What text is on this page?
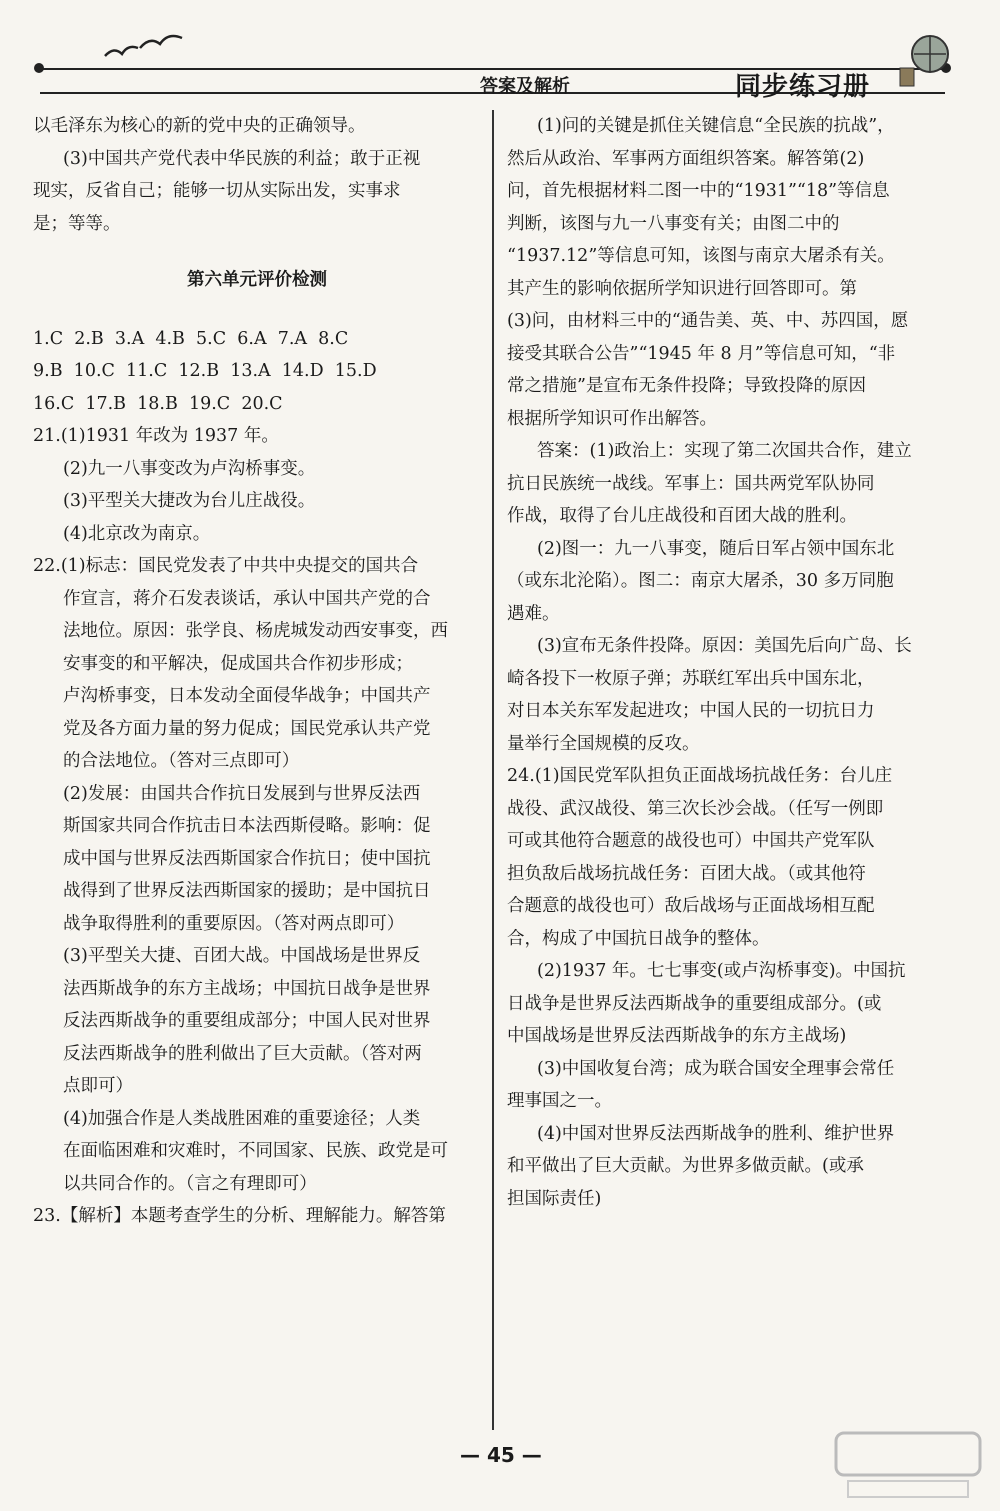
答案及解析	同步练习册
以毛泽东为核心的新的党中央的正确领导。
(3)中国共产党代表中华民族的利益；敢于正视
现实，反省自己；能够一切从实际出发，实事求
是；等等。
第六单元评价检测
1.C  2.B  3.A  4.B  5.C  6.A  7.A  8.C
9.B  10.C  11.C  12.B  13.A  14.D  15.D
16.C  17.B  18.B  19.C  20.C
21.(1)1931 年改为 1937 年。
(2)九一八事变改为卢沟桥事变。
(3)平型关大捷改为台儿庄战役。
(4)北京改为南京。
22.(1)标志：国民党发表了中共中央提交的国共合
作宣言，蒋介石发表谈话，承认中国共产党的合
法地位。原因：张学良、杨虎城发动西安事变，西
安事变的和平解决，促成国共合作初步形成；
卢沟桥事变，日本发动全面侵华战争；中国共产
党及各方面力量的努力促成；国民党承认共产党
的合法地位。（答对三点即可）
(2)发展：由国共合作抗日发展到与世界反法西
斯国家共同合作抗击日本法西斯侵略。影响：促
成中国与世界反法西斯国家合作抗日；使中国抗
战得到了世界反法西斯国家的援助；是中国抗日
战争取得胜利的重要原因。（答对两点即可）
(3)平型关大捷、百团大战。中国战场是世界反
法西斯战争的东方主战场；中国抗日战争是世界
反法西斯战争的重要组成部分；中国人民对世界
反法西斯战争的胜利做出了巨大贡献。（答对两
点即可）
(4)加强合作是人类战胜困难的重要途径；人类
在面临困难和灾难时，不同国家、民族、政党是可
以共同合作的。（言之有理即可）
23.【解析】本题考查学生的分析、理解能力。解答第
(1)问的关键是抓住关键信息“全民族的抗战”，
然后从政治、军事两方面组织答案。解答第(2)
问，首先根据材料二图一中的“1931”“18”等信息
判断，该图与九一八事变有关；由图二中的
“1937.12”等信息可知，该图与南京大屠杀有关。
其产生的影响依据所学知识进行回答即可。第
(3)问，由材料三中的“通告美、英、中、苏四国，愿
接受其联合公告”“1945 年 8 月”等信息可知，“非
常之措施”是宣布无条件投降；导致投降的原因
根据所学知识可作出解答。
答案：(1)政治上：实现了第二次国共合作，建立
抗日民族统一战线。军事上：国共两党军队协同
作战，取得了台儿庄战役和百团大战的胜利。
(2)图一：九一八事变，随后日军占领中国东北
（或东北沦陷）。图二：南京大屠杀，30 多万同胞
遇难。
(3)宣布无条件投降。原因：美国先后向广岛、长
崎各投下一枚原子弹；苏联红军出兵中国东北，
对日本关东军发起进攻；中国人民的一切抗日力
量举行全国规模的反攻。
24.(1)国民党军队担负正面战场抗战任务：台儿庄
战役、武汉战役、第三次长沙会战。（任写一例即
可或其他符合题意的战役也可）中国共产党军队
担负敌后战场抗战任务：百团大战。（或其他符
合题意的战役也可）敌后战场与正面战场相互配
合，构成了中国抗日战争的整体。
(2)1937 年。七七事变(或卢沟桥事变)。中国抗
日战争是世界反法西斯战争的重要组成部分。(或
中国战场是世界反法西斯战争的东方主战场)
(3)中国收复台湾；成为联合国安全理事会常任
理事国之一。
(4)中国对世界反法西斯战争的胜利、维护世界
和平做出了巨大贡献。为世界多做贡献。(或承
担国际责任)
— 45 —
